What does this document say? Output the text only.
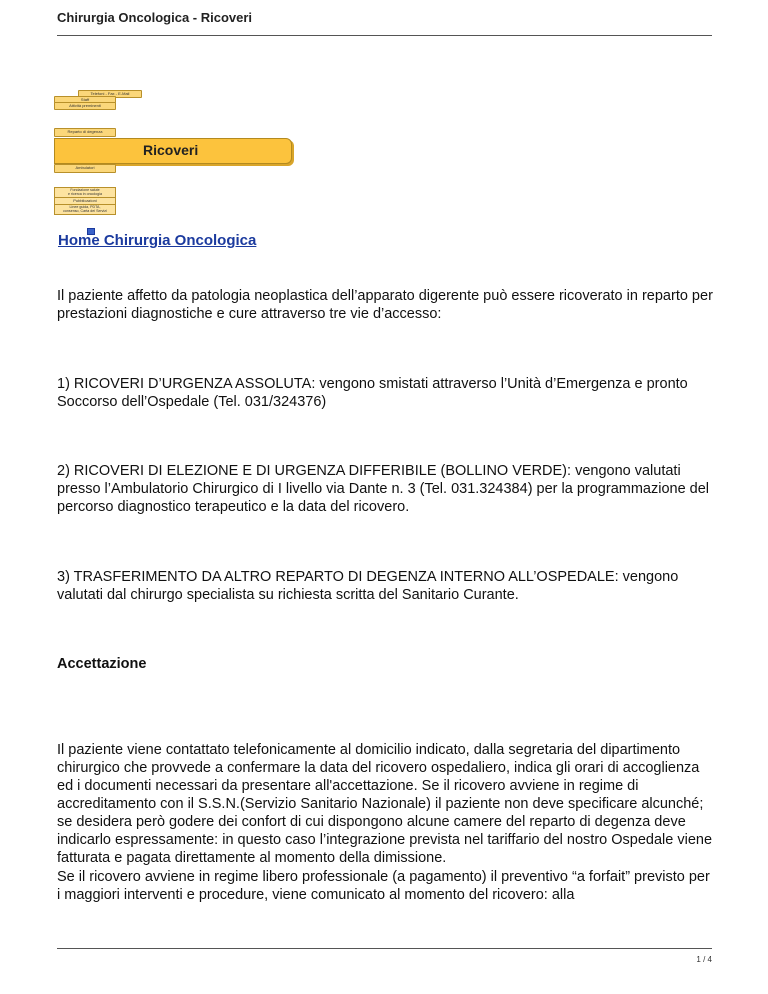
Chirurgia Oncologica - Ricoveri
Telefoni - Fax - E-Mail
Staff
Attività preminenti
Reparto di degenza
Ricoveri
Ambulatori
Fondazione salute
e ricerca in oncologia
Pubblicazioni
Linee guida, PDTA,
consenso, Carta dei Servizi
Home Chirurgia Oncologica

Il paziente affetto da patologia neoplastica dell’apparato digerente può essere ricoverato in reparto per prestazioni diagnostiche e cure attraverso tre vie d’accesso:

1) RICOVERI D’URGENZA ASSOLUTA: vengono smistati attraverso l’Unità d’Emergenza e pronto Soccorso dell’Ospedale (Tel. 031/324376)

2) RICOVERI DI ELEZIONE E DI URGENZA DIFFERIBILE (BOLLINO VERDE): vengono valutati presso l’Ambulatorio Chirurgico di I livello via Dante n. 3 (Tel. 031.324384) per la programmazione del percorso diagnostico terapeutico e la data del ricovero.

3) TRASFERIMENTO DA ALTRO REPARTO DI DEGENZA INTERNO ALL’OSPEDALE: vengono valutati dal chirurgo specialista su richiesta scritta del Sanitario Curante.

Accettazione

Il paziente viene contattato telefonicamente al domicilio indicato, dalla segretaria del dipartimento chirurgico che provvede a confermare la data del ricovero ospedaliero, indica gli orari di accoglienza ed i documenti necessari da presentare all'accettazione. Se il ricovero avviene in regime di accreditamento con il S.S.N.(Servizio Sanitario Nazionale) il paziente non deve specificare alcunché; se desidera però godere dei confort di cui dispongono alcune camere del reparto di degenza deve indicarlo espressamente: in questo caso l’integrazione prevista nel tariffario del nostro Ospedale viene fatturata e pagata direttamente al momento della dimissione.

Se il ricovero avviene in regime libero professionale (a pagamento) il preventivo “a forfait” previsto per i maggiori interventi e procedure, viene comunicato al momento del ricovero: alla

1 / 4
